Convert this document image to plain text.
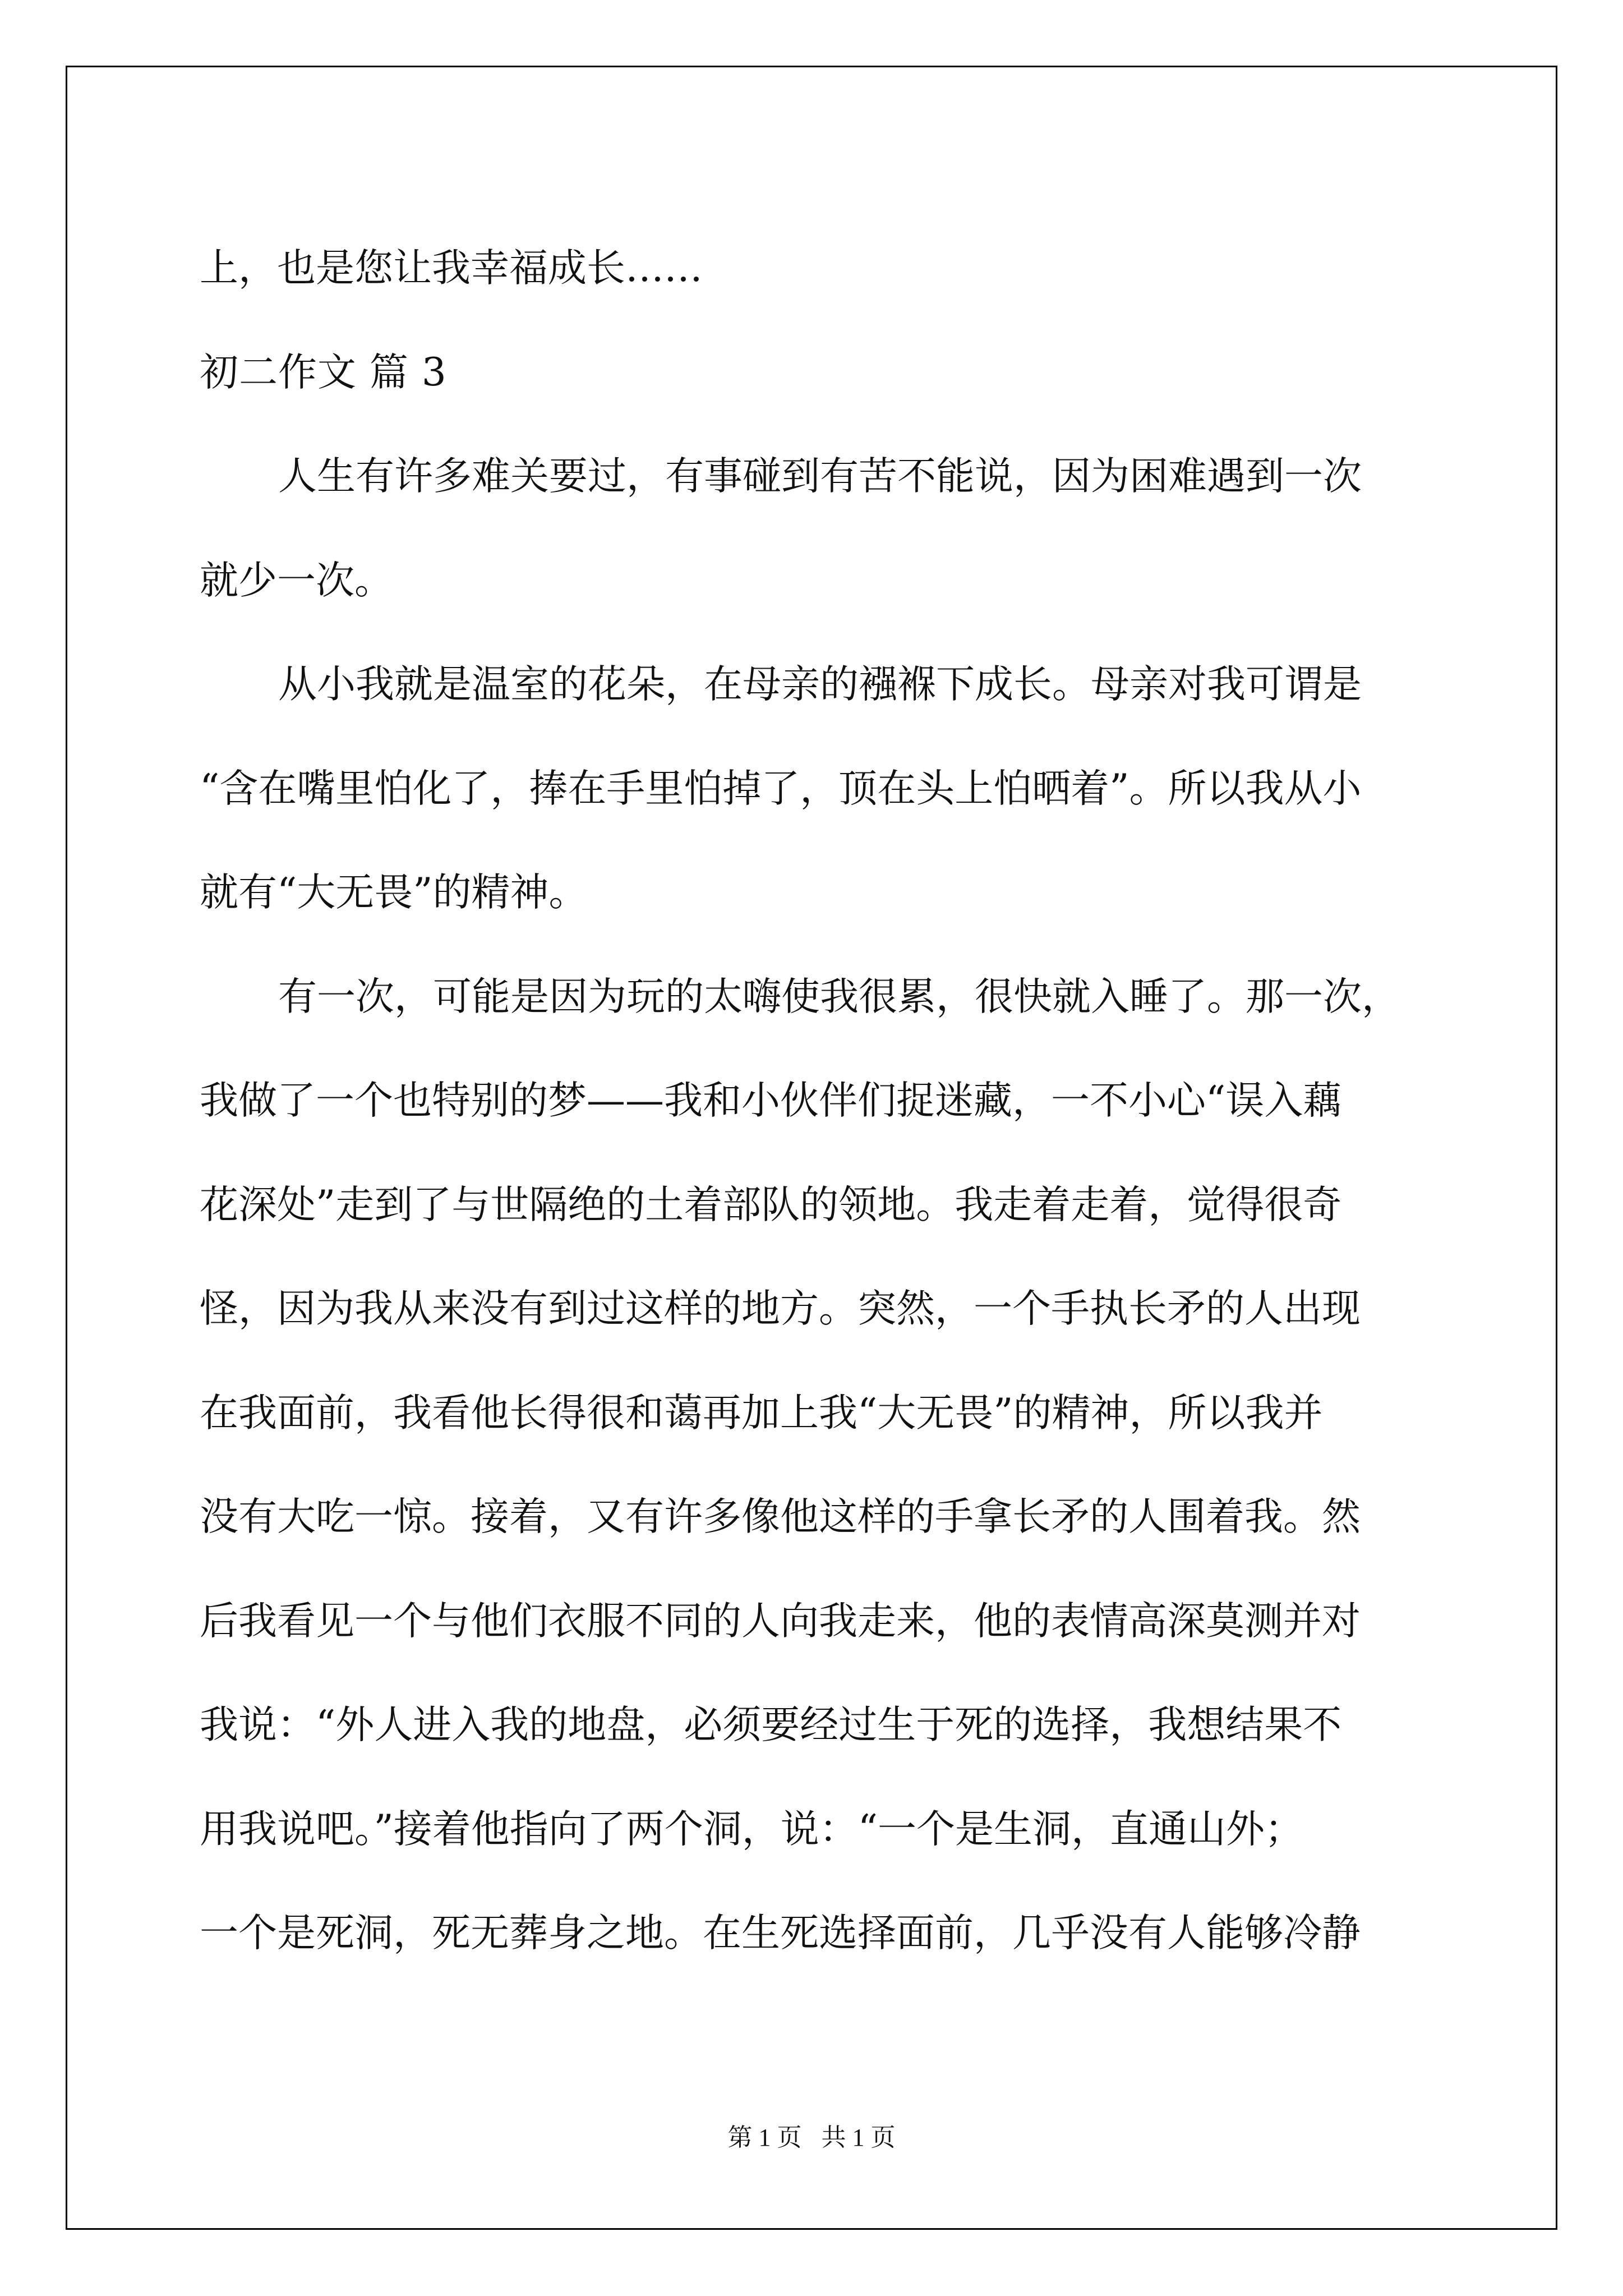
上，也是您让我幸福成长……

初二作文 篇 3

人生有许多难关要过，有事碰到有苦不能说，因为困难遇到一次

就少一次。

从小我就是温室的花朵，在母亲的襁褓下成长。母亲对我可谓是

“含在嘴里怕化了，捧在手里怕掉了，顶在头上怕晒着”。所以我从小

就有“大无畏”的精神。

有一次，可能是因为玩的太嗨使我很累，很快就入睡了。那一次，

我做了一个也特别的梦——我和小伙伴们捉迷藏，一不小心“误入藕

花深处”走到了与世隔绝的土着部队的领地。我走着走着，觉得很奇

怪，因为我从来没有到过这样的地方。突然，一个手执长矛的人出现

在我面前，我看他长得很和蔼再加上我“大无畏”的精神，所以我并

没有大吃一惊。接着，又有许多像他这样的手拿长矛的人围着我。然

后我看见一个与他们衣服不同的人向我走来，他的表情高深莫测并对

我说：“外人进入我的地盘，必须要经过生于死的选择，我想结果不

用我说吧。”接着他指向了两个洞，说：“一个是生洞，直通山外；

一个是死洞，死无葬身之地。在生死选择面前，几乎没有人能够冷静

第 1 页 共 1 页
